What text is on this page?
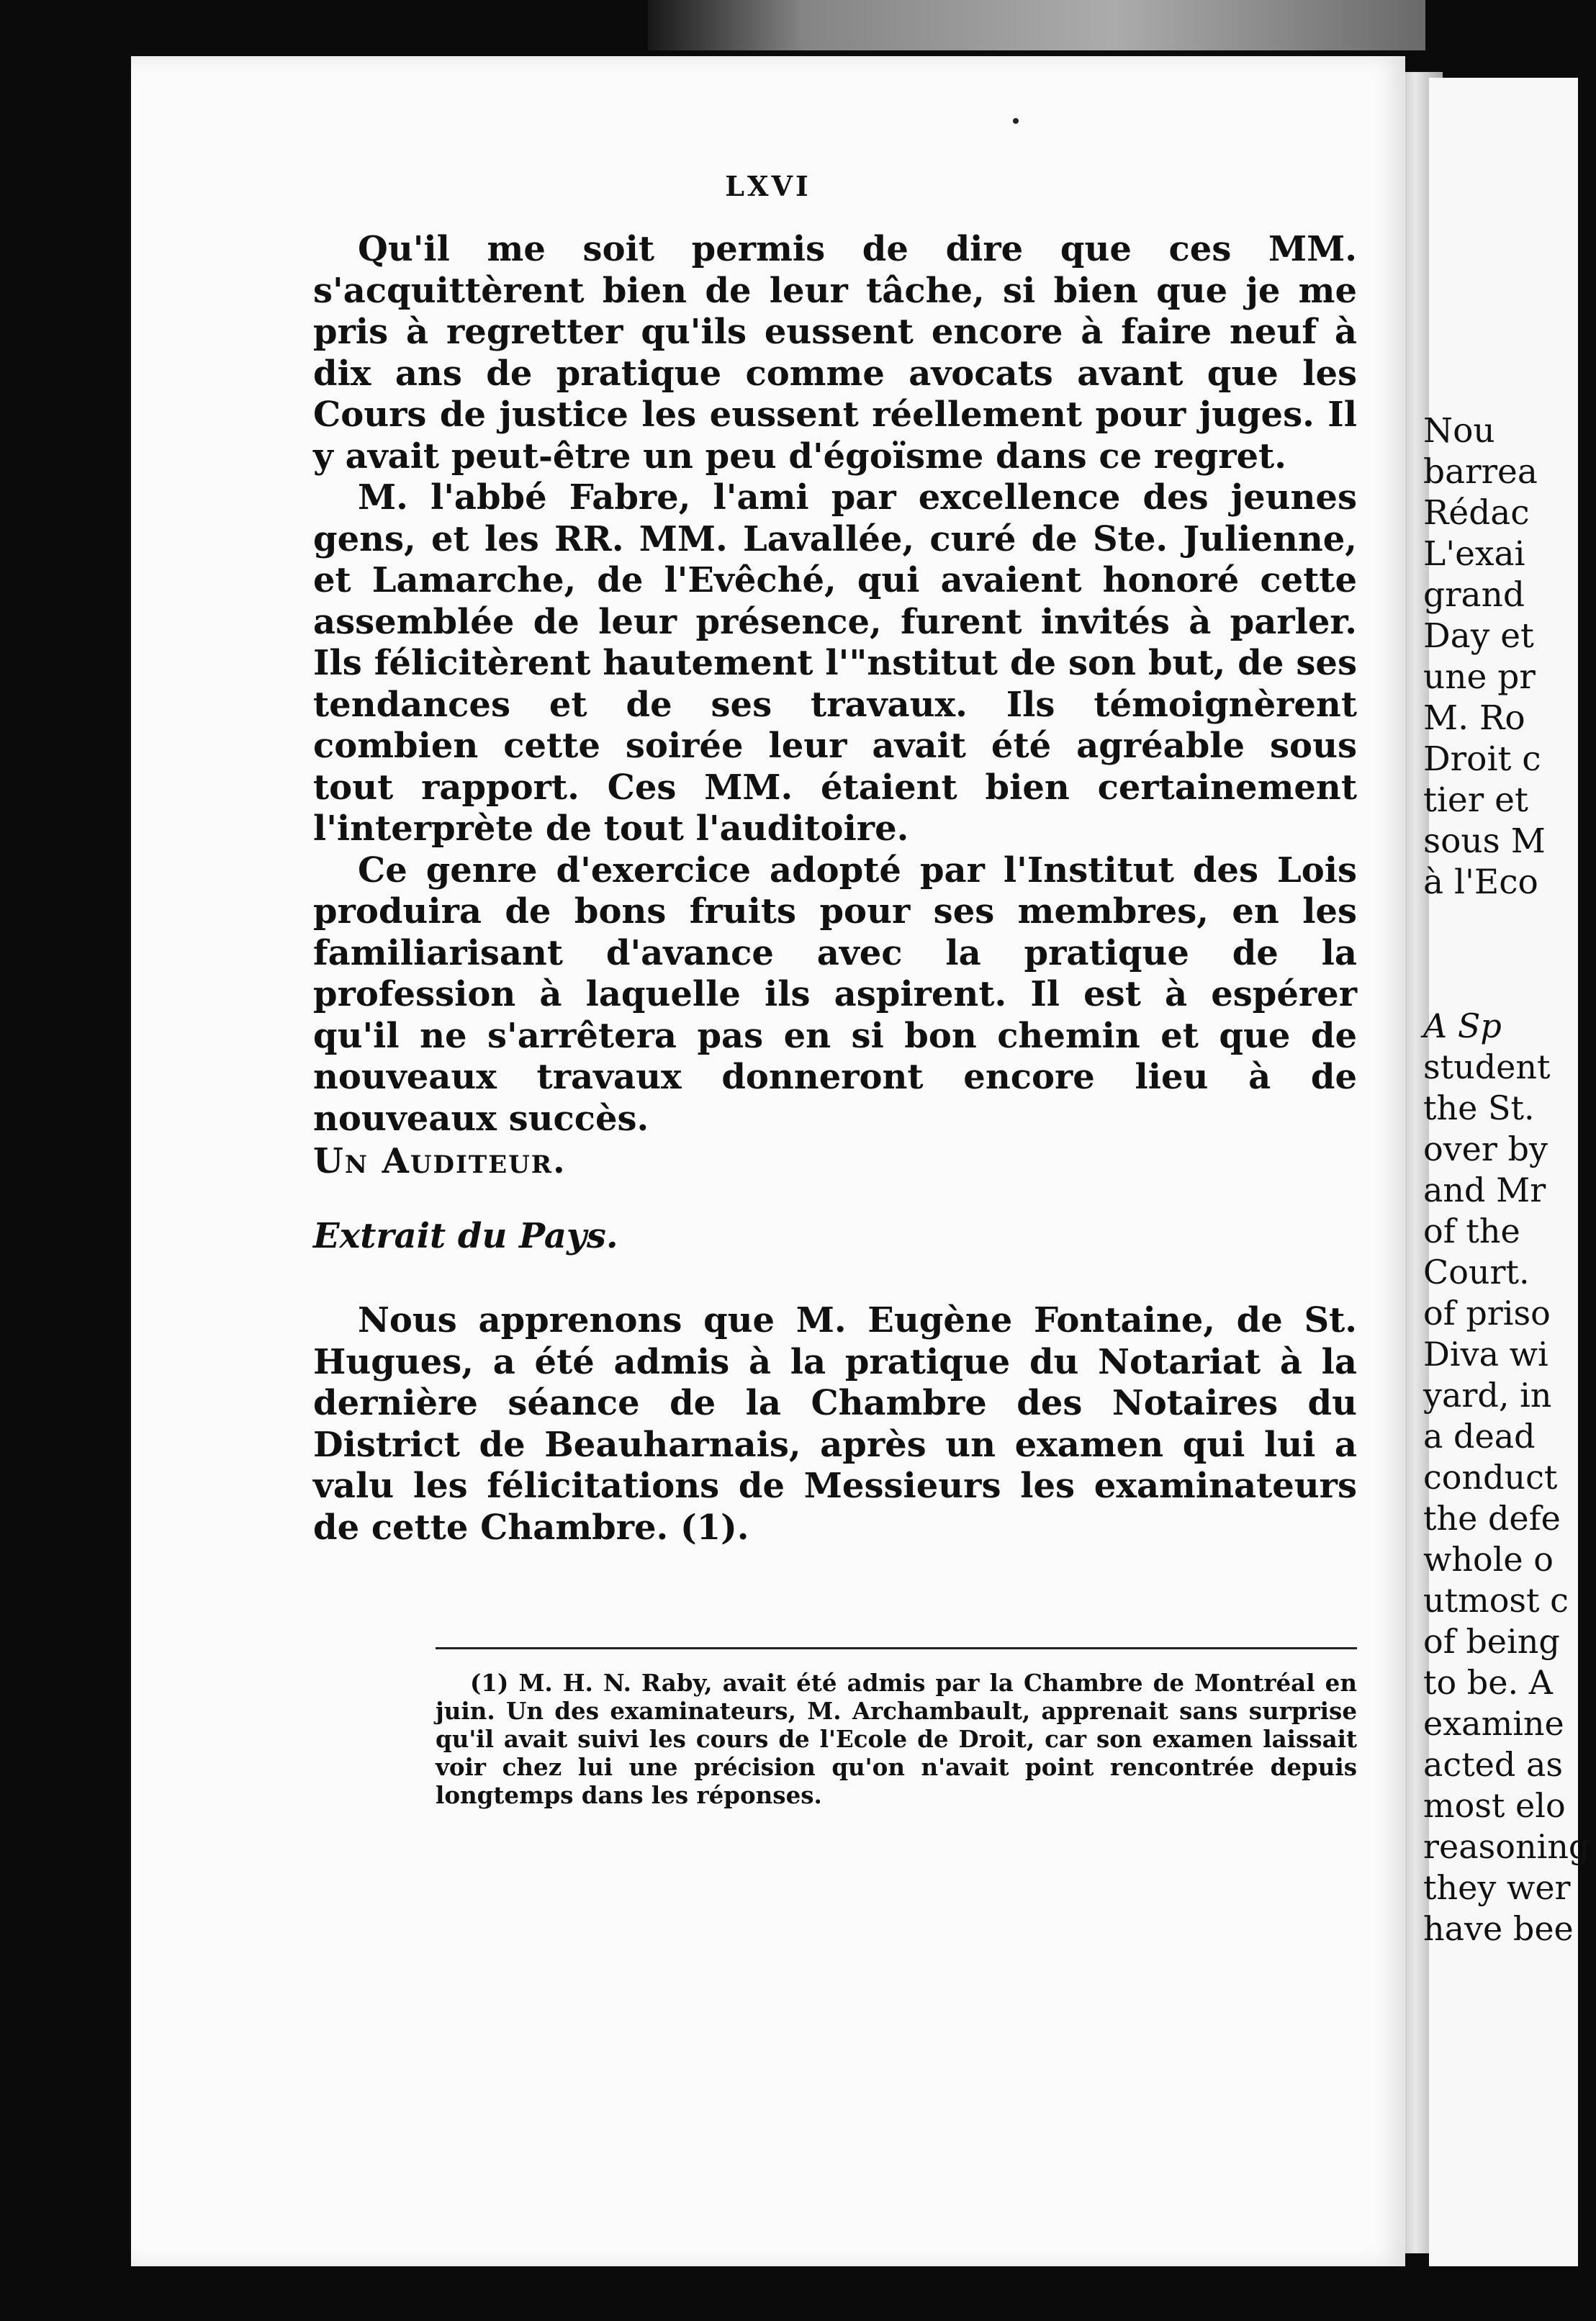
LXVI

Qu'il me soit permis de dire que ces MM. s'acquittèrent bien de leur tâche, si bien que je me pris à regretter qu'ils eussent encore à faire neuf à dix ans de pratique comme avocats avant que les Cours de justice les eussent réellement pour juges. Il y avait peut-être un peu d'égoïsme dans ce regret.

M. l'abbé Fabre, l'ami par excellence des jeunes gens, et les RR. MM. Lavallée, curé de Ste. Julienne, et Lamarche, de l'Evêché, qui avaient honoré cette assemblée de leur présence, furent invités à parler. Ils félicitèrent hautement l'"nstitut de son but, de ses tendances et de ses travaux. Ils témoignèrent combien cette soirée leur avait été agréable sous tout rapport. Ces MM. étaient bien certainement l'interprète de tout l'auditoire.

Ce genre d'exercice adopté par l'Institut des Lois produira de bons fruits pour ses membres, en les familiarisant d'avance avec la pratique de la profession à laquelle ils aspirent. Il est à espérer qu'il ne s'arrêtera pas en si bon chemin et que de nouveaux travaux donneront encore lieu à de nouveaux succès.

Un Auditeur.

Extrait du Pays.

Nous apprenons que M. Eugène Fontaine, de St. Hugues, a été admis à la pratique du Notariat à la dernière séance de la Chambre des Notaires du District de Beauharnais, après un examen qui lui a valu les félicitations de Messieurs les examinateurs de cette Chambre. (1).

(1) M. H. N. Raby, avait été admis par la Chambre de Montréal en juin. Un des examinateurs, M. Archambault, apprenait sans surprise qu'il avait suivi les cours de l'Ecole de Droit, car son examen laissait voir chez lui une précision qu'on n'avait point rencontrée depuis longtemps dans les réponses.

Nou
barrea
Rédac
L'exai
grand
Day et
une pr
M. Ro
Droit c
tier et
sous M
à l'Eco
A Sp
student
the St.
over by
and Mr
of the
Court.
of priso
Diva wi
yard, in
a dead
conduct
the defe
whole o
utmost c
of being
to be. A
examine
acted as
most elo
reasoning
they wer
have bee
